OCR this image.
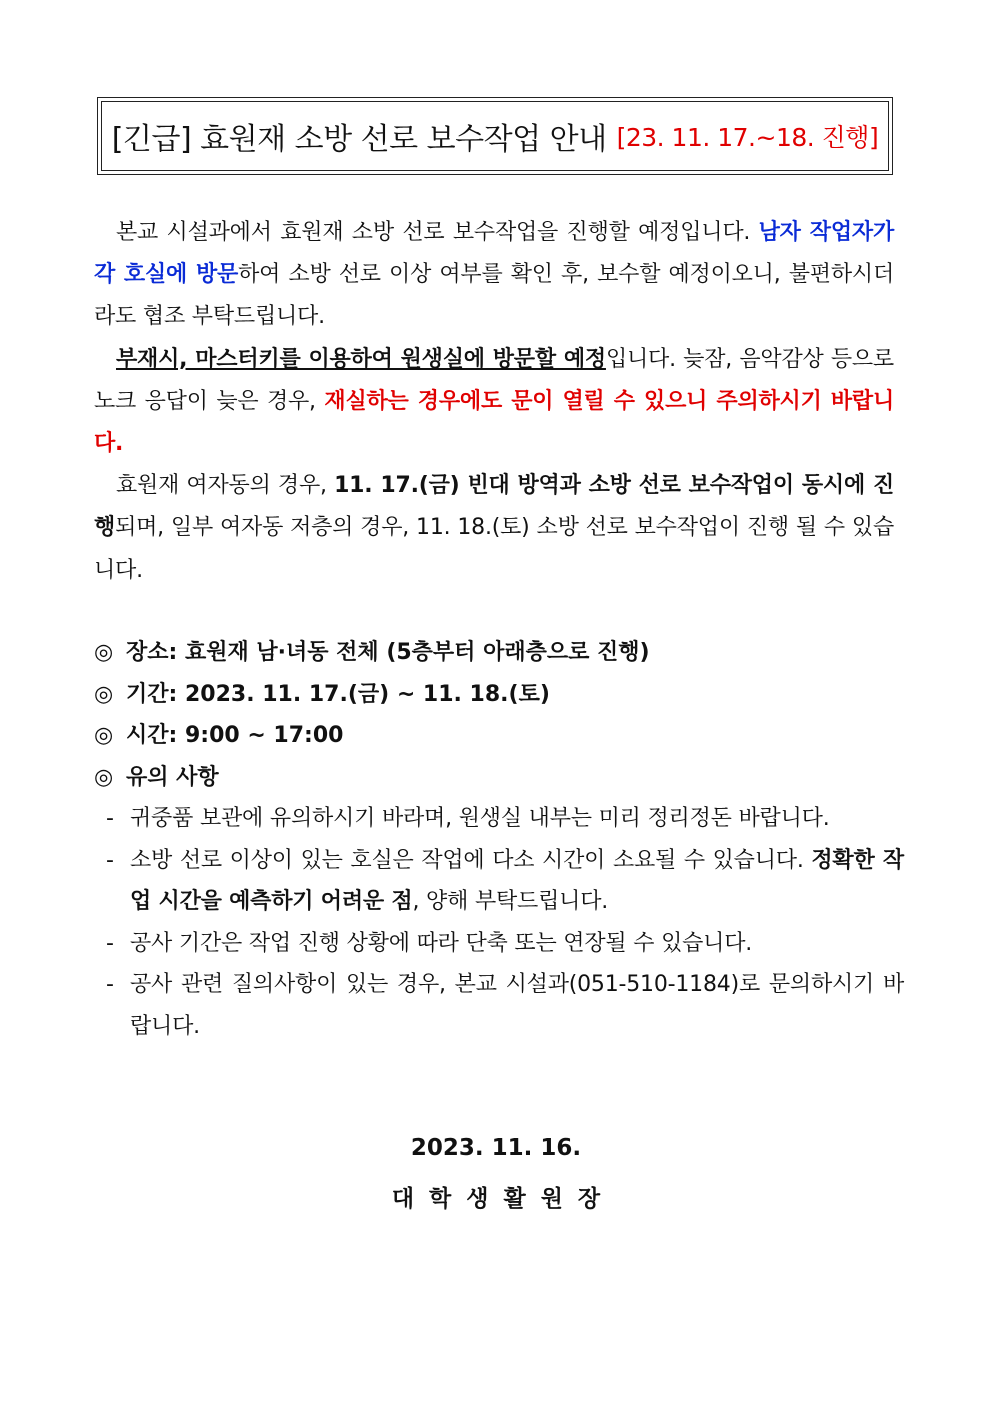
[긴급] 효원재 소방 선로 보수작업 안내 [23. 11. 17.~18. 진행]

본교 시설과에서 효원재 소방 선로 보수작업을 진행할 예정입니다. 남자 작업자가 각 호실에 방문하여 소방 선로 이상 여부를 확인 후, 보수할 예정이오니, 불편하시더라도 협조 부탁드립니다.

부재시, 마스터키를 이용하여 원생실에 방문할 예정입니다. 늦잠, 음악감상 등으로 노크 응답이 늦은 경우, 재실하는 경우에도 문이 열릴 수 있으니 주의하시기 바랍니다.

효원재 여자동의 경우, 11. 17.(금) 빈대 방역과 소방 선로 보수작업이 동시에 진행되며, 일부 여자동 저층의 경우, 11. 18.(토) 소방 선로 보수작업이 진행 될 수 있습니다.

◎ 장소: 효원재 남·녀동 전체 (5층부터 아래층으로 진행)
◎ 기간: 2023. 11. 17.(금) ~ 11. 18.(토)
◎ 시간: 9:00 ~ 17:00
◎ 유의 사항
- 귀중품 보관에 유의하시기 바라며, 원생실 내부는 미리 정리정돈 바랍니다.
- 소방 선로 이상이 있는 호실은 작업에 다소 시간이 소요될 수 있습니다. 정확한 작업 시간을 예측하기 어려운 점, 양해 부탁드립니다.
- 공사 기간은 작업 진행 상황에 따라 단축 또는 연장될 수 있습니다.
- 공사 관련 질의사항이 있는 경우, 본교 시설과(051-510-1184)로 문의하시기 바랍니다.
2023. 11. 16.
대학생활원장
